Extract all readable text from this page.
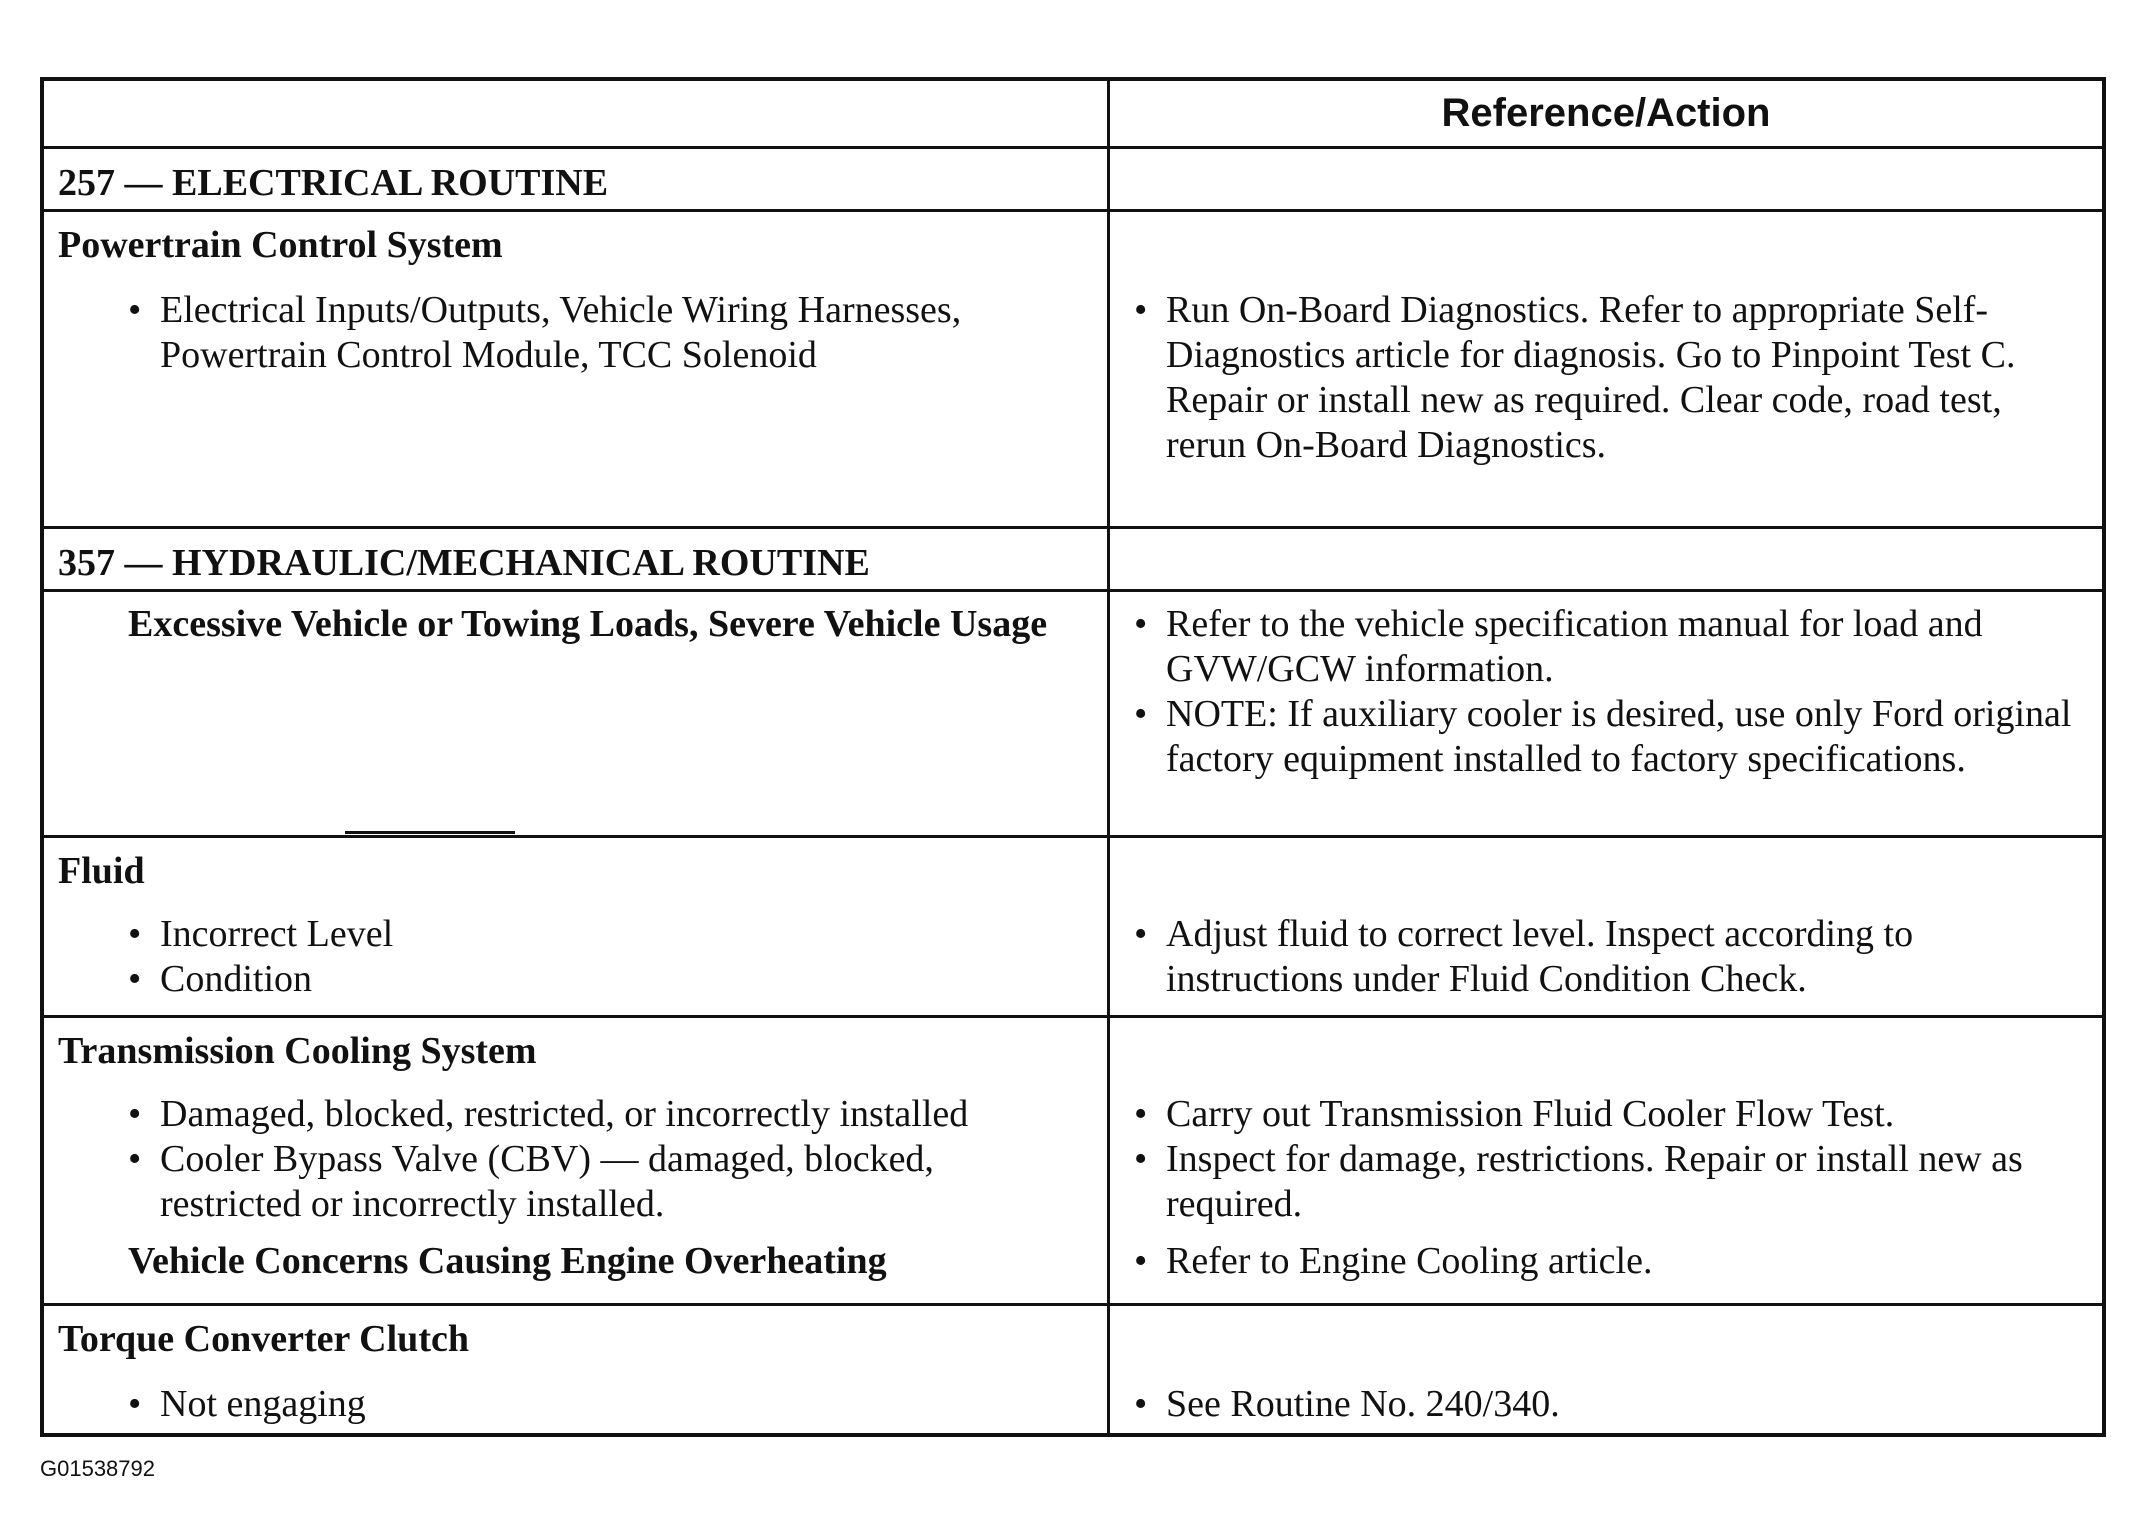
Reference/Action
257 — ELECTRICAL ROUTINE
Powertrain Control System
• Electrical Inputs/Outputs, Vehicle Wiring Harnesses, Powertrain Control Module, TCC Solenoid
• Run On-Board Diagnostics. Refer to appropriate Self-Diagnostics article for diagnosis. Go to Pinpoint Test C. Repair or install new as required. Clear code, road test, rerun On-Board Diagnostics.
357 — HYDRAULIC/MECHANICAL ROUTINE
Excessive Vehicle or Towing Loads, Severe Vehicle Usage	• Refer to the vehicle specification manual for load and GVW/GCW information.
• NOTE: If auxiliary cooler is desired, use only Ford original factory equipment installed to factory specifications.
Fluid
• Incorrect Level
• Condition
• Adjust fluid to correct level. Inspect according to instructions under Fluid Condition Check.
Transmission Cooling System
• Damaged, blocked, restricted, or incorrectly installed
• Cooler Bypass Valve (CBV) — damaged, blocked, restricted or incorrectly installed.
Vehicle Concerns Causing Engine Overheating
• Carry out Transmission Fluid Cooler Flow Test.
• Inspect for damage, restrictions. Repair or install new as required.
• Refer to Engine Cooling article.
Torque Converter Clutch
• Not engaging	• See Routine No. 240/340.
G01538792
